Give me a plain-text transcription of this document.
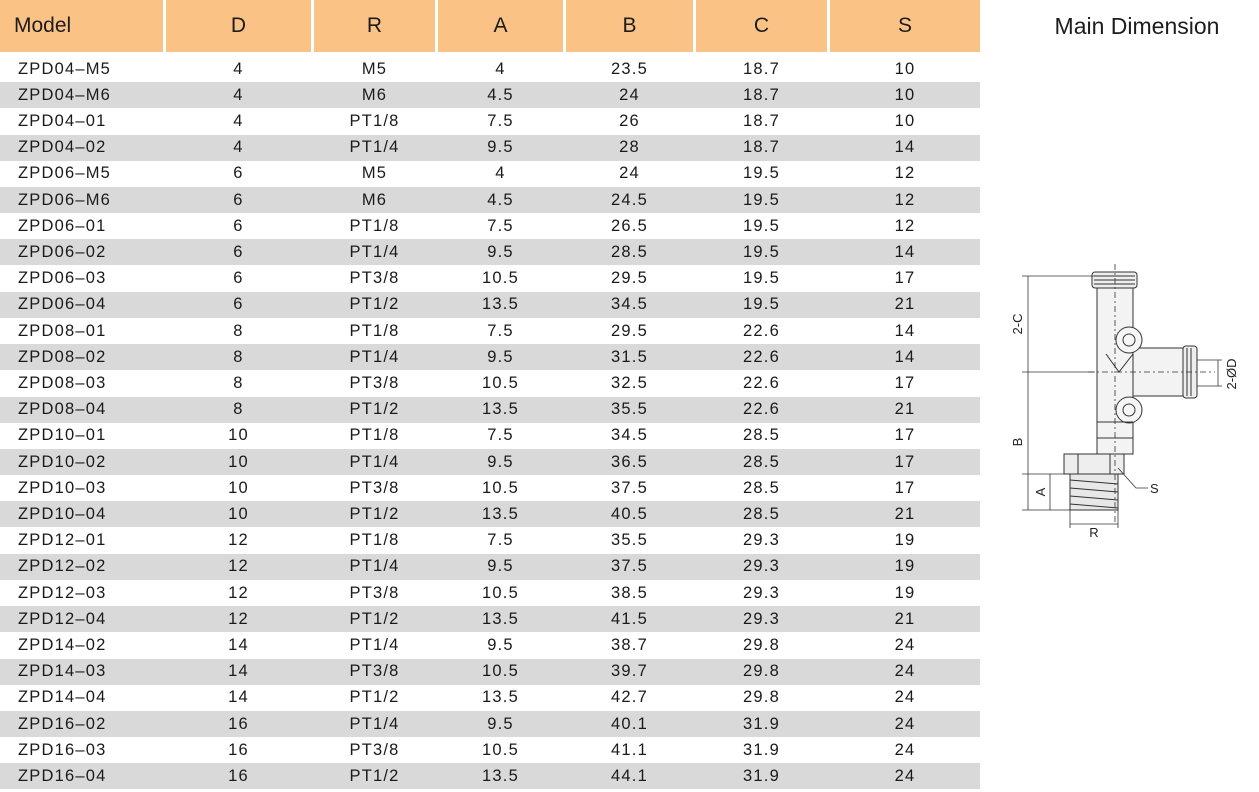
Model	D	R	A	B	C	S	Main Dimension
ZPD04–M5	4	M5	4	23.5	18.7	10
ZPD04–M6	4	M6	4.5	24	18.7	10
ZPD04–01	4	PT1/8	7.5	26	18.7	10
ZPD04–02	4	PT1/4	9.5	28	18.7	14
ZPD06–M5	6	M5	4	24	19.5	12
ZPD06–M6	6	M6	4.5	24.5	19.5	12
ZPD06–01	6	PT1/8	7.5	26.5	19.5	12
ZPD06–02	6	PT1/4	9.5	28.5	19.5	14
ZPD06–03	6	PT3/8	10.5	29.5	19.5	17
ZPD06–04	6	PT1/2	13.5	34.5	19.5	21
ZPD08–01	8	PT1/8	7.5	29.5	22.6	14
ZPD08–02	8	PT1/4	9.5	31.5	22.6	14
ZPD08–03	8	PT3/8	10.5	32.5	22.6	17
ZPD08–04	8	PT1/2	13.5	35.5	22.6	21
ZPD10–01	10	PT1/8	7.5	34.5	28.5	17
ZPD10–02	10	PT1/4	9.5	36.5	28.5	17
ZPD10–03	10	PT3/8	10.5	37.5	28.5	17
ZPD10–04	10	PT1/2	13.5	40.5	28.5	21
ZPD12–01	12	PT1/8	7.5	35.5	29.3	19
ZPD12–02	12	PT1/4	9.5	37.5	29.3	19
ZPD12–03	12	PT3/8	10.5	38.5	29.3	19
ZPD12–04	12	PT1/2	13.5	41.5	29.3	21
ZPD14–02	14	PT1/4	9.5	38.7	29.8	24
ZPD14–03	14	PT3/8	10.5	39.7	29.8	24
ZPD14–04	14	PT1/2	13.5	42.7	29.8	24
ZPD16–02	16	PT1/4	9.5	40.1	31.9	24
ZPD16–03	16	PT3/8	10.5	41.1	31.9	24
ZPD16–04	16	PT1/2	13.5	44.1	31.9	24
2-C
2-ØD
B
A	S
R
